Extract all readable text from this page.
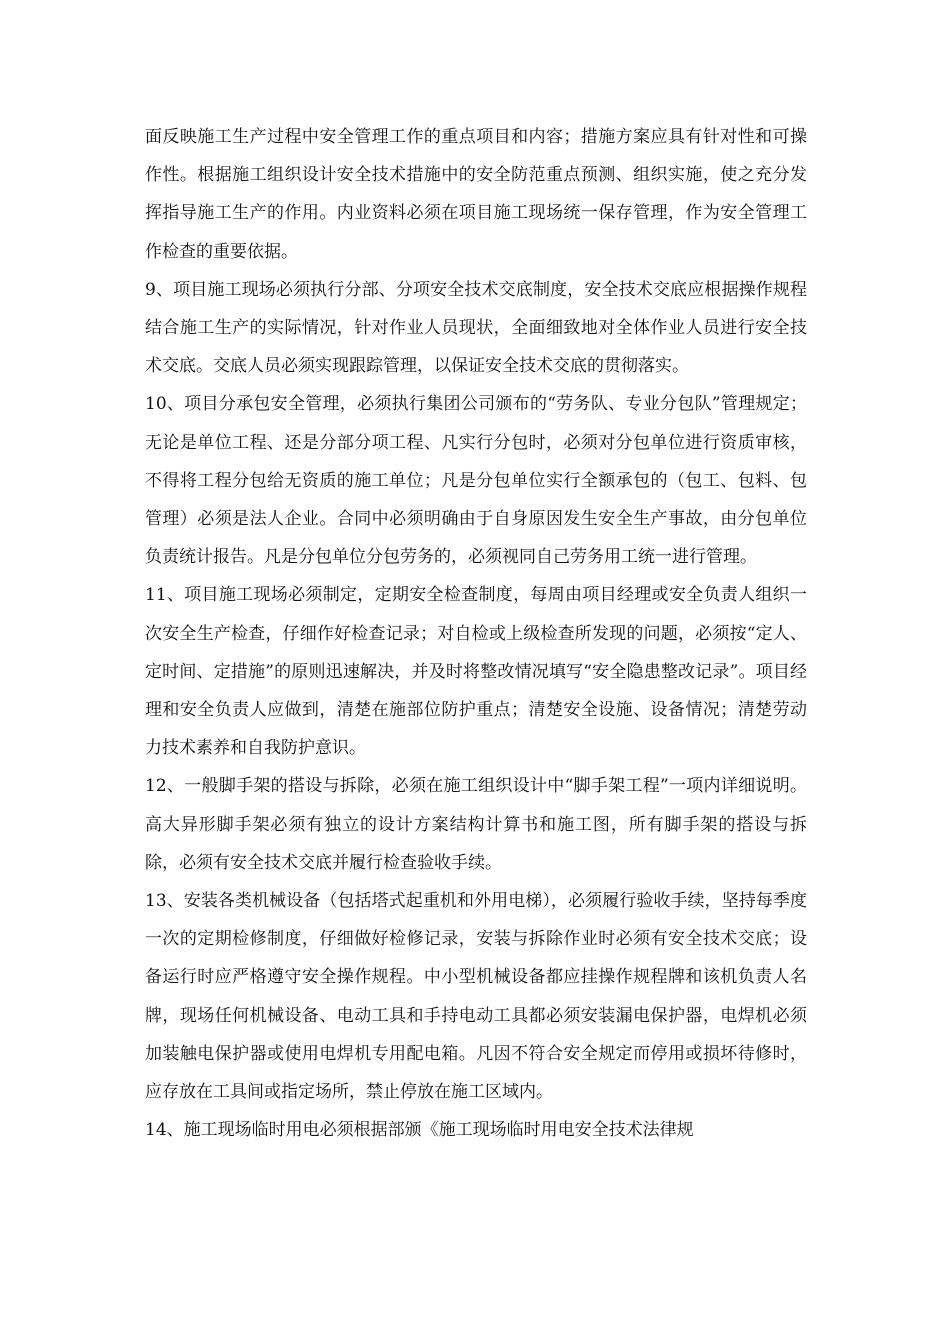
面反映施工生产过程中安全管理工作的重点项目和内容；措施方案应具有针对性和可操作性。根据施工组织设计安全技术措施中的安全防范重点预测、组织实施，使之充分发挥指导施工生产的作用。内业资料必须在项目施工现场统一保存管理，作为安全管理工作检查的重要依据。

9、项目施工现场必须执行分部、分项安全技术交底制度，安全技术交底应根据操作规程结合施工生产的实际情况，针对作业人员现状，全面细致地对全体作业人员进行安全技术交底。交底人员必须实现跟踪管理，以保证安全技术交底的贯彻落实。

10、项目分承包安全管理，必须执行集团公司颁布的“劳务队、专业分包队”管理规定；无论是单位工程、还是分部分项工程、凡实行分包时，必须对分包单位进行资质审核，不得将工程分包给无资质的施工单位；凡是分包单位实行全额承包的（包工、包料、包管理）必须是法人企业。合同中必须明确由于自身原因发生安全生产事故，由分包单位负责统计报告。凡是分包单位分包劳务的，必须视同自己劳务用工统一进行管理。

11、项目施工现场必须制定，定期安全检查制度，每周由项目经理或安全负责人组织一次安全生产检查，仔细作好检查记录；对自检或上级检查所发现的问题，必须按“定人、定时间、定措施”的原则迅速解决，并及时将整改情况填写“安全隐患整改记录”。项目经理和安全负责人应做到，清楚在施部位防护重点；清楚安全设施、设备情况；清楚劳动力技术素养和自我防护意识。

12、一般脚手架的搭设与拆除，必须在施工组织设计中“脚手架工程”一项内详细说明。高大异形脚手架必须有独立的设计方案结构计算书和施工图，所有脚手架的搭设与拆除，必须有安全技术交底并履行检查验收手续。

13、安装各类机械设备（包括塔式起重机和外用电梯），必须履行验收手续，坚持每季度一次的定期检修制度，仔细做好检修记录，安装与拆除作业时必须有安全技术交底；设备运行时应严格遵守安全操作规程。中小型机械设备都应挂操作规程牌和该机负责人名牌，现场任何机械设备、电动工具和手持电动工具都必须安装漏电保护器，电焊机必须加装触电保护器或使用电焊机专用配电箱。凡因不符合安全规定而停用或损坏待修时，应存放在工具间或指定场所，禁止停放在施工区域内。

14、施工现场临时用电必须根据部颁《施工现场临时用电安全技术法律规
